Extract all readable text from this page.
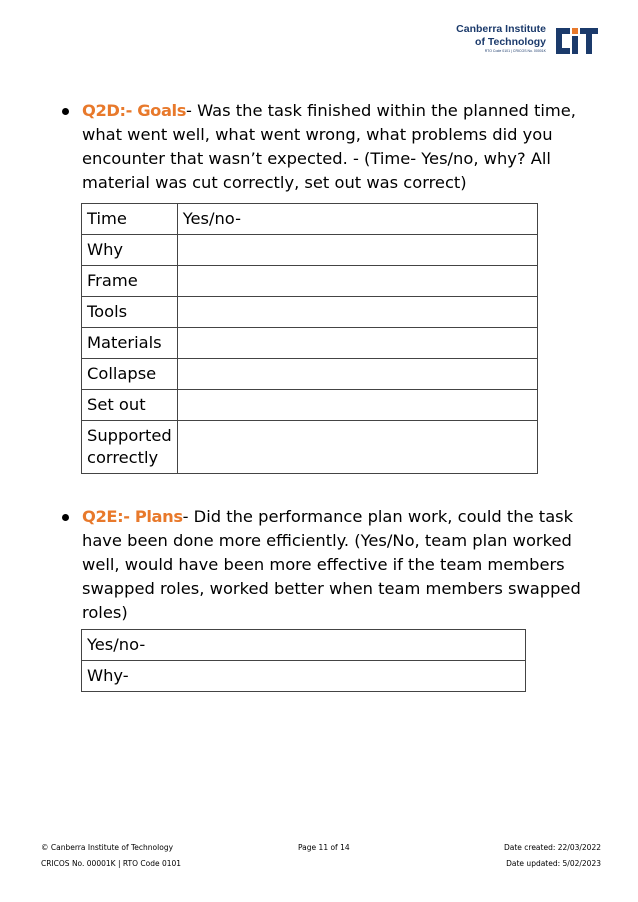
Canberra Institute
of Technology
RTO Code 0101 | CRICOS No. 00001K

Q2D:- Goals- Was the task finished within the planned time, what went well, what went wrong, what problems did you encounter that wasn’t expected. - (Time- Yes/no, why? All material was cut correctly, set out was correct)

Time	Yes/no-
Why	
Frame	
Tools	
Materials	
Collapse	
Set out	
Supported correctly	

Q2E:- Plans- Did the performance plan work, could the task have been done more efficiently. (Yes/No, team plan worked well, would have been more effective if the team members swapped roles, worked better when team members swapped roles)

Yes/no-
Why-
© Canberra Institute of Technology
CRICOS No. 00001K | RTO Code 0101
Page 11 of 14	Date created: 22/03/2022
Date updated: 5/02/2023
